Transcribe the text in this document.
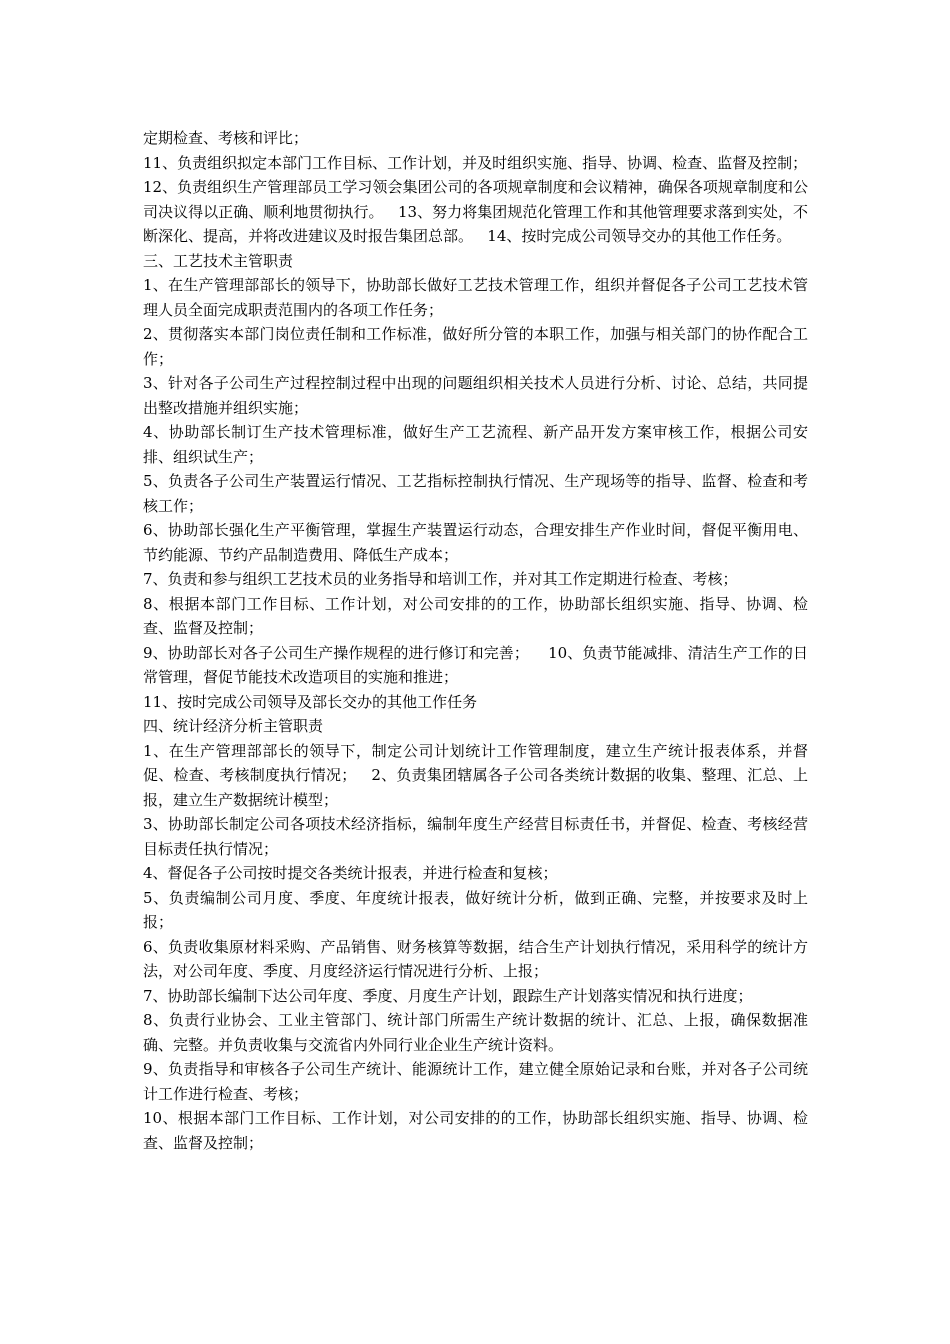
定期检查、考核和评比；

11、负责组织拟定本部门工作目标、工作计划，并及时组织实施、指导、协调、检查、监督及控制；

12、负责组织生产管理部员工学习领会集团公司的各项规章制度和会议精神，确保各项规章制度和公司决议得以正确、顺利地贯彻执行。   13、努力将集团规范化管理工作和其他管理要求落到实处，不断深化、提高，并将改进建议及时报告集团总部。   14、按时完成公司领导交办的其他工作任务。

三、工艺技术主管职责

1、在生产管理部部长的领导下，协助部长做好工艺技术管理工作，组织并督促各子公司工艺技术管理人员全面完成职责范围内的各项工作任务；

2、贯彻落实本部门岗位责任制和工作标准，做好所分管的本职工作，加强与相关部门的协作配合工作；

3、针对各子公司生产过程控制过程中出现的问题组织相关技术人员进行分析、讨论、总结，共同提出整改措施并组织实施；

4、协助部长制订生产技术管理标准，做好生产工艺流程、新产品开发方案审核工作，根据公司安排、组织试生产；

5、负责各子公司生产装置运行情况、工艺指标控制执行情况、生产现场等的指导、监督、检查和考核工作；

6、协助部长强化生产平衡管理，掌握生产装置运行动态，合理安排生产作业时间，督促平衡用电、节约能源、节约产品制造费用、降低生产成本；

7、负责和参与组织工艺技术员的业务指导和培训工作，并对其工作定期进行检查、考核；

8、根据本部门工作目标、工作计划，对公司安排的的工作，协助部长组织实施、指导、协调、检查、监督及控制；

9、协助部长对各子公司生产操作规程的进行修订和完善；    10、负责节能减排、清洁生产工作的日常管理，督促节能技术改造项目的实施和推进；

11、按时完成公司领导及部长交办的其他工作任务

四、统计经济分析主管职责

1、在生产管理部部长的领导下，制定公司计划统计工作管理制度，建立生产统计报表体系，并督促、检查、考核制度执行情况；   2、负责集团辖属各子公司各类统计数据的收集、整理、汇总、上报，建立生产数据统计模型；

3、协助部长制定公司各项技术经济指标，编制年度生产经营目标责任书，并督促、检查、考核经营目标责任执行情况；

4、督促各子公司按时提交各类统计报表，并进行检查和复核；

5、负责编制公司月度、季度、年度统计报表，做好统计分析，做到正确、完整，并按要求及时上报；

6、负责收集原材料采购、产品销售、财务核算等数据，结合生产计划执行情况，采用科学的统计方法，对公司年度、季度、月度经济运行情况进行分析、上报；

7、协助部长编制下达公司年度、季度、月度生产计划，跟踪生产计划落实情况和执行进度；

8、负责行业协会、工业主管部门、统计部门所需生产统计数据的统计、汇总、上报，确保数据准确、完整。并负责收集与交流省内外同行业企业生产统计资料。

9、负责指导和审核各子公司生产统计、能源统计工作，建立健全原始记录和台账，并对各子公司统计工作进行检查、考核；

10、根据本部门工作目标、工作计划，对公司安排的的工作，协助部长组织实施、指导、协调、检查、监督及控制；
